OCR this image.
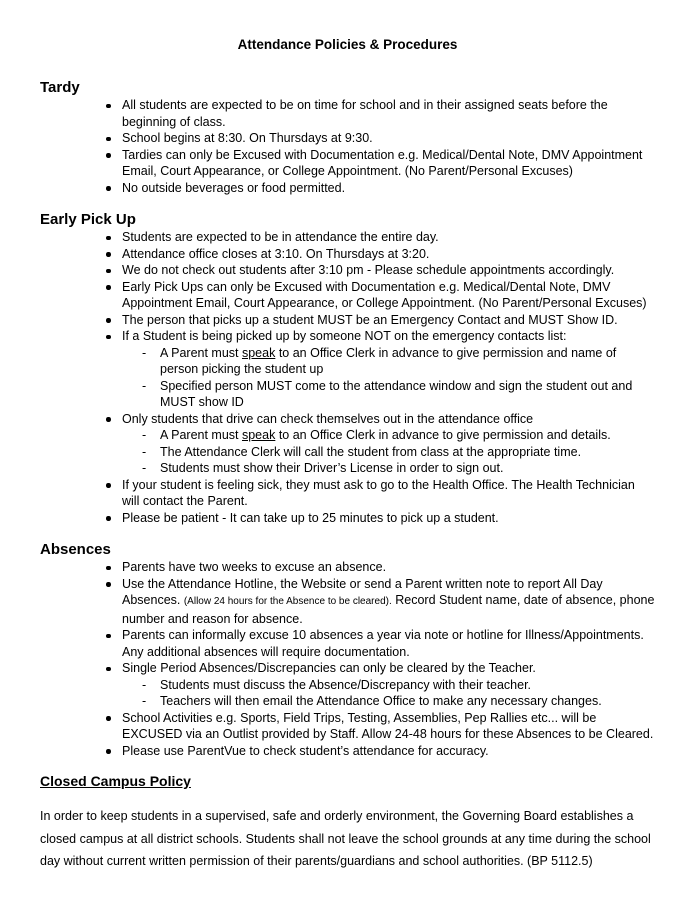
Attendance Policies & Procedures
Tardy
All students are expected to be on time for school and in their assigned seats before the beginning of class.
School begins at 8:30. On Thursdays at 9:30.
Tardies can only be Excused with Documentation e.g. Medical/Dental Note, DMV Appointment Email, Court Appearance, or College Appointment. (No Parent/Personal Excuses)
No outside beverages or food permitted.
Early Pick Up
Students are expected to be in attendance the entire day.
Attendance office closes at 3:10. On Thursdays at 3:20.
We do not check out students after 3:10 pm - Please schedule appointments accordingly.
Early Pick Ups can only be Excused with Documentation e.g. Medical/Dental Note, DMV Appointment Email, Court Appearance, or College Appointment. (No Parent/Personal Excuses)
The person that picks up a student MUST be an Emergency Contact and MUST Show ID.
If a Student is being picked up by someone NOT on the emergency contacts list:
- A Parent must speak to an Office Clerk in advance to give permission and name of person picking the student up
- Specified person MUST come to the attendance window and sign the student out and MUST show ID
Only students that drive can check themselves out in the attendance office
- A Parent must speak to an Office Clerk in advance to give permission and details.
- The Attendance Clerk will call the student from class at the appropriate time.
- Students must show their Driver’s License in order to sign out.
If your student is feeling sick, they must ask to go to the Health Office. The Health Technician will contact the Parent.
Please be patient - It can take up to 25 minutes to pick up a student.
Absences
Parents have two weeks to excuse an absence.
Use the Attendance Hotline, the Website or send a Parent written note to report All Day Absences. (Allow 24 hours for the Absence to be cleared). Record Student name, date of absence, phone number and reason for absence.
Parents can informally excuse 10 absences a year via note or hotline for Illness/Appointments. Any additional absences will require documentation.
Single Period Absences/Discrepancies can only be cleared by the Teacher.
- Students must discuss the Absence/Discrepancy with their teacher.
- Teachers will then email the Attendance Office to make any necessary changes.
School Activities e.g. Sports, Field Trips, Testing, Assemblies, Pep Rallies etc... will be EXCUSED via an Outlist provided by Staff. Allow 24-48 hours for these Absences to be Cleared.
Please use ParentVue to check student’s attendance for accuracy.
Closed Campus Policy

In order to keep students in a supervised, safe and orderly environment, the Governing Board establishes a closed campus at all district schools. Students shall not leave the school grounds at any time during the school day without current written permission of their parents/guardians and school authorities. (BP 5112.5)
